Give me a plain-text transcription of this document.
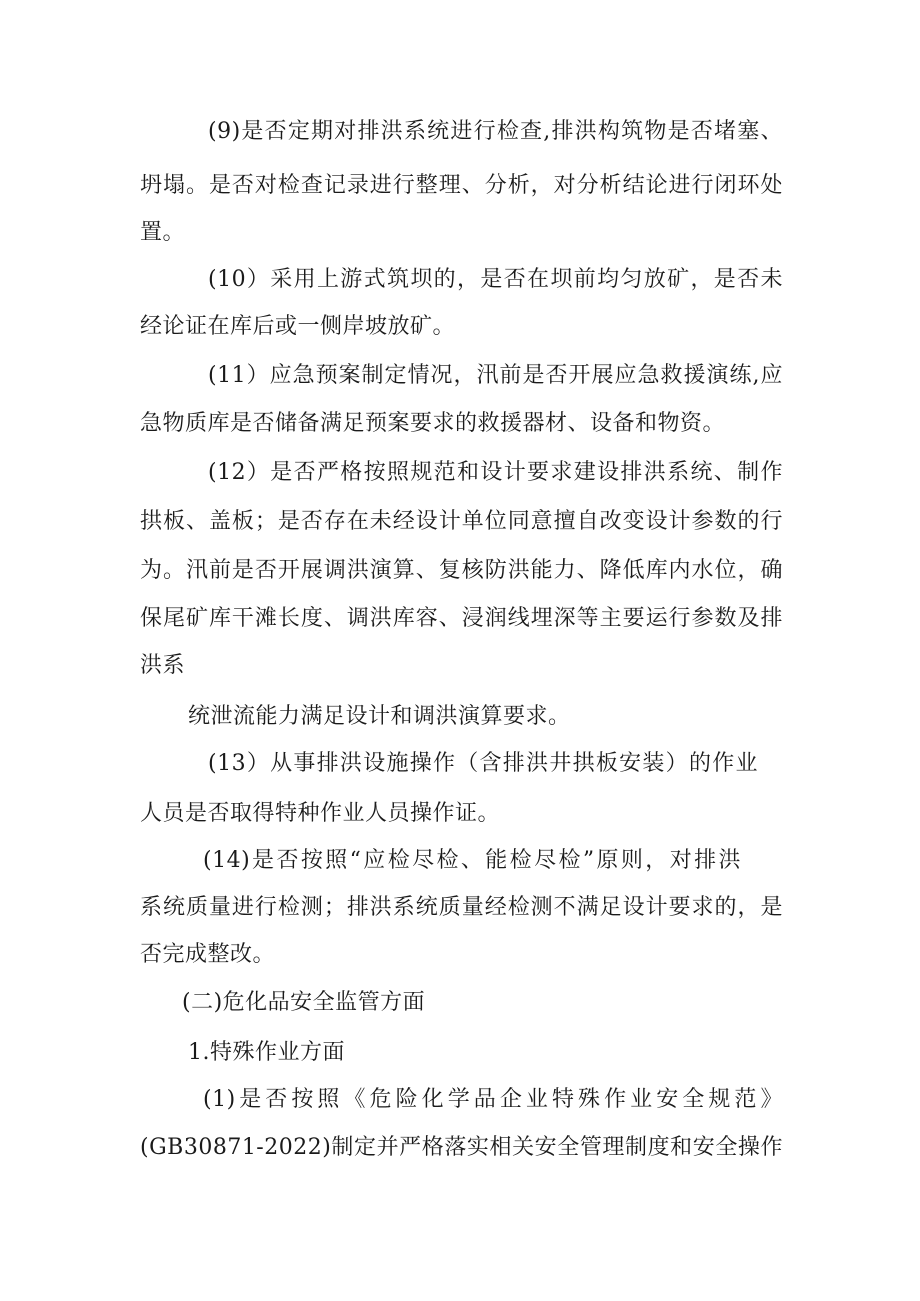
(9)是否定期对排洪系统进行检查,排洪构筑物是否堵塞、
坍塌。是否对检查记录进行整理、分析，对分析结论进行闭环处
置。
(10）采用上游式筑坝的，是否在坝前均匀放矿，是否未
经论证在库后或一侧岸坡放矿。
(11）应急预案制定情况，汛前是否开展应急救援演练,应
急物质库是否储备满足预案要求的救援器材、设备和物资。
(12）是否严格按照规范和设计要求建设排洪系统、制作
拱板、盖板；是否存在未经设计单位同意擅自改变设计参数的行
为。汛前是否开展调洪演算、复核防洪能力、降低库内水位，确
保尾矿库干滩长度、调洪库容、浸润线埋深等主要运行参数及排
洪系
统泄流能力满足设计和调洪演算要求。
(13）从事排洪设施操作（含排洪井拱板安装）的作业
人员是否取得特种作业人员操作证。
(14)是否按照“应检尽检、能检尽检”原则，对排洪
系统质量进行检测；排洪系统质量经检测不满足设计要求的，是
否完成整改。
(二)危化品安全监管方面
1.特殊作业方面
(1)是否按照《危险化学品企业特殊作业安全规范》
(GB30871-2022)制定并严格落实相关安全管理制度和安全操作
